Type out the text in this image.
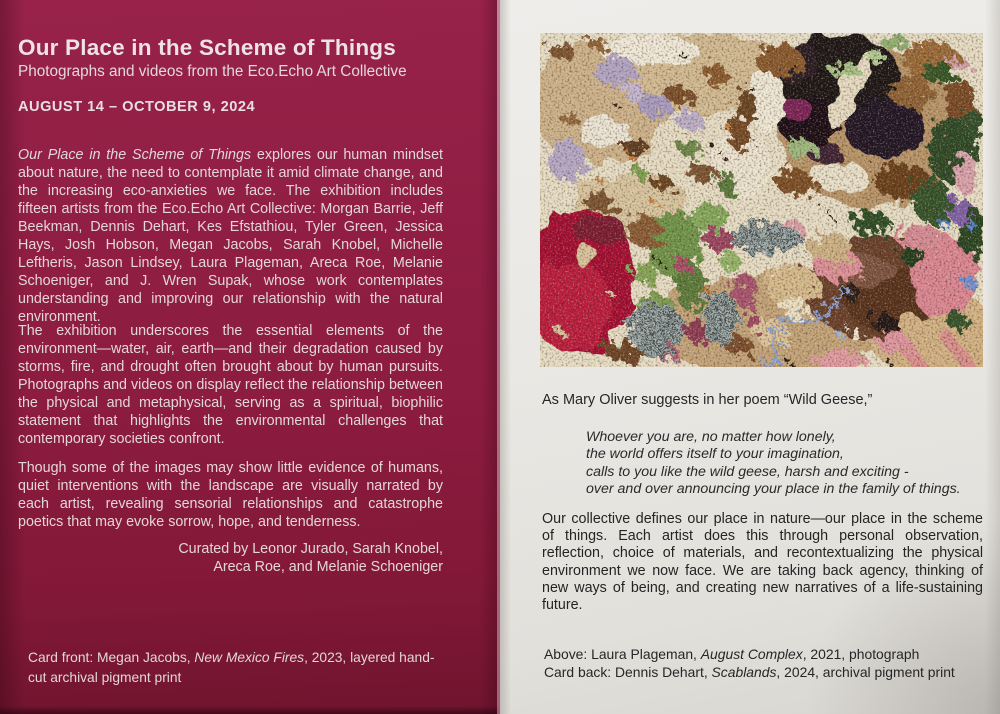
Our Place in the Scheme of Things

Photographs and videos from the Eco.Echo Art Collective

AUGUST 14 – OCTOBER 9, 2024

Our Place in the Scheme of Things explores our human mindset about nature, the need to contemplate it amid climate change, and the increasing eco-anxieties we face. The exhibition includes fifteen artists from the Eco.Echo Art Collective: Morgan Barrie, Jeff Beekman, Dennis Dehart, Kes Efstathiou, Tyler Green, Jessica Hays, Josh Hobson, Megan Jacobs, Sarah Knobel, Michelle Leftheris, Jason Lindsey, Laura Plageman, Areca Roe, Melanie Schoeniger, and J. Wren Supak, whose work contemplates understanding and improving our relationship with the natural environment.

The exhibition underscores the essential elements of the environment—water, air, earth—and their degradation caused by storms, fire, and drought often brought about by human pursuits. Photographs and videos on display reflect the relationship between the physical and metaphysical, serving as a spiritual, biophilic statement that highlights the environmental challenges that contemporary societies confront.

Though some of the images may show little evidence of humans, quiet interventions with the landscape are visually narrated by each artist, revealing sensorial relationships and catastrophe poetics that may evoke sorrow, hope, and tenderness.

Curated by Leonor Jurado, Sarah Knobel,
Areca Roe, and Melanie Schoeniger

Card front: Megan Jacobs, New Mexico Fires, 2023, layered hand-cut archival pigment print

As Mary Oliver suggests in her poem “Wild Geese,”

Whoever you are, no matter how lonely,
the world offers itself to your imagination,
calls to you like the wild geese, harsh and exciting -
over and over announcing your place in the family of things.

Our collective defines our place in nature—our place in the scheme of things. Each artist does this through personal observation, reflection, choice of materials, and recontextualizing the physical environment we now face. We are taking back agency, thinking of new ways of being, and creating new narratives of a life-sustaining future.

Above: Laura Plageman, August Complex, 2021, photograph

Card back: Dennis Dehart, Scablands, 2024, archival pigment print
